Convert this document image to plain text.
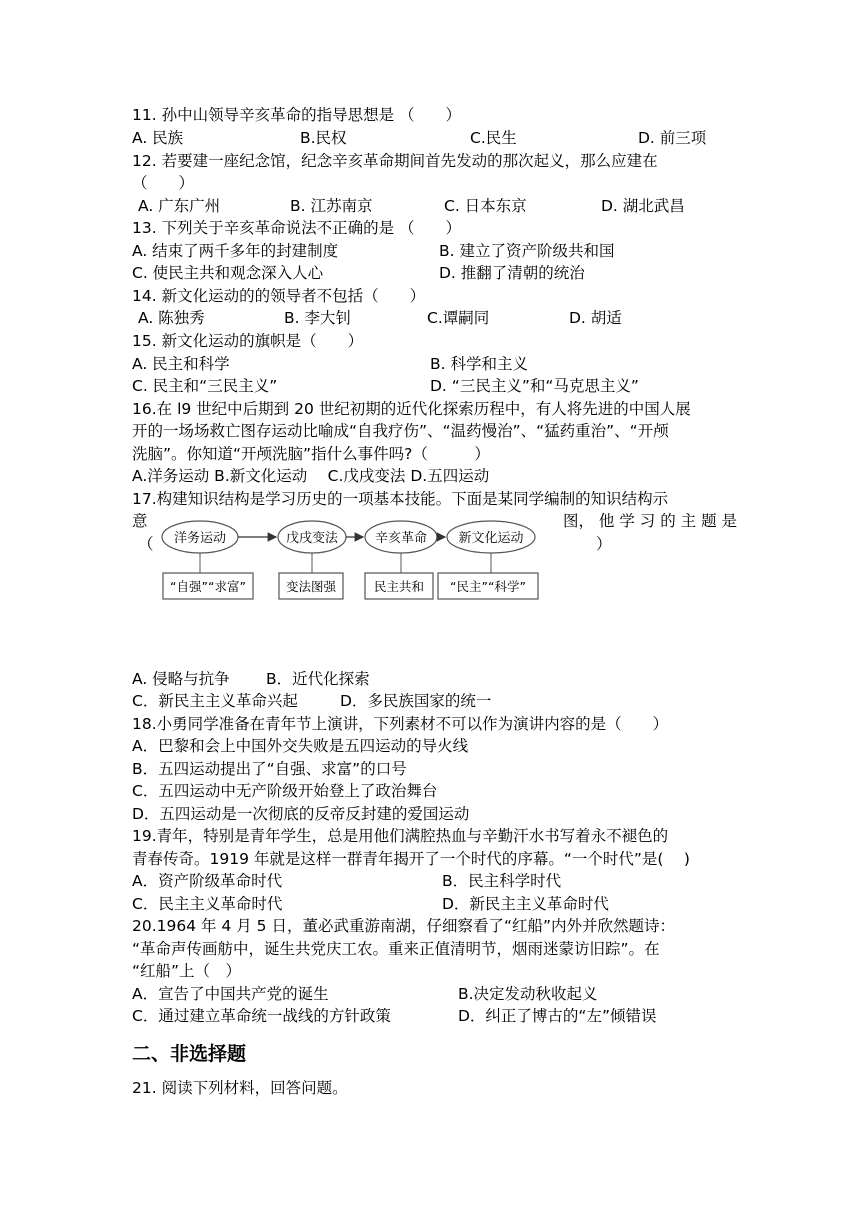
11. 孙中山领导辛亥革命的指导思想是 （　　）
A. 民族	B.民权	C.民生	D. 前三项
12. 若要建一座纪念馆，纪念辛亥革命期间首先发动的那次起义，那么应建在
（　　）
A. 广东广州	B. 江苏南京	C. 日本东京	D. 湖北武昌
13. 下列关于辛亥革命说法不正确的是 （　　）
A. 结束了两千多年的封建制度	B. 建立了资产阶级共和国
C. 使民主共和观念深入人心	D. 推翻了清朝的统治
14. 新文化运动的的领导者不包括（　　）
A. 陈独秀	B. 李大钊	C.谭嗣同	D. 胡适
15. 新文化运动的旗帜是（　　）
A. 民主和科学	B. 科学和主义
C. 民主和“三民主义”	D. “三民主义”和“马克思主义”
16.在 l9 世纪中后期到 20 世纪初期的近代化探索历程中，有人将先进的中国人展
开的一场场救亡图存运动比喻成“自我疗伤”、“温药慢治”、“猛药重治”、“开颅
洗脑”。你知道“开颅洗脑”指什么事件吗?（　　　）
A.洋务运动 B.新文化运动　 C.戊戌变法 D.五四运动
17.构建知识结构是学习历史的一项基本技能。下面是某同学编制的知识结构示
意	图， 他 学 习 的 主 题 是
（	）
洋务运动	戊戌变法	辛亥革命 新文化运动
“自强”“求富”	变法图强	民主共和 “民主”“科学”
A. 侵略与抗争 B．近代化探索
C．新民主主义革命兴起	D．多民族国家的统一
18.小勇同学准备在青年节上演讲，下列素材不可以作为演讲内容的是（　　）
A．巴黎和会上中国外交失败是五四运动的导火线
B．五四运动提出了“自强、求富”的口号
C．五四运动中无产阶级开始登上了政治舞台
D．五四运动是一次彻底的反帝反封建的爱国运动
19.青年，特别是青年学生，总是用他们满腔热血与辛勤汗水书写着永不褪色的
青春传奇。1919 年就是这样一群青年揭开了一个时代的序幕。“一个时代”是(　 )
A．资产阶级革命时代	B．民主科学时代
C．民主主义革命时代	D．新民主主义革命时代
20.1964 年 4 月 5 日，董必武重游南湖，仔细察看了“红船”内外并欣然题诗：
“革命声传画舫中，诞生共党庆工农。重来正值清明节，烟雨迷蒙访旧踪”。在
“红船”上（　）
A．宣告了中国共产党的诞生	B.决定发动秋收起义
C．通过建立革命统一战线的方针政策	D．纠正了博古的“左”倾错误
二、非选择题
21. 阅读下列材料，回答问题。
